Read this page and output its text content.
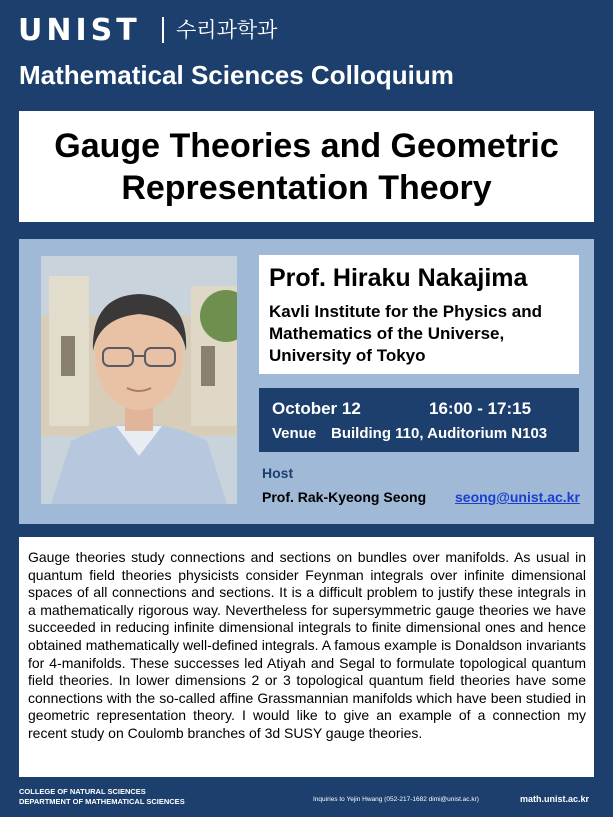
UNIST 수리과학과
Mathematical Sciences Colloquium
Gauge Theories and Geometric
Representation Theory
Prof. Hiraku Nakajima
Kavli Institute for the Physics and
Mathematics of the Universe,
University of Tokyo
October 12	16:00 - 17:15
Venue Building 110, Auditorium N103
Host
Prof. Rak-Kyeong Seong seong@unist.ac.kr

Gauge theories study connections and sections on bundles over manifolds. As usual in quantum field theories physicists consider Feynman integrals over infinite dimensional spaces of all connections and sections. It is a difficult problem to justify these integrals in a mathematically rigorous way. Nevertheless for supersymmetric gauge theories we have succeeded in reducing infinite dimensional integrals to finite dimensional ones and hence obtained mathematically well-defined integrals. A famous example is Donaldson invariants for 4-manifolds. These successes led Atiyah and Segal to formulate topological quantum field theories. In lower dimensions 2 or 3 topological quantum field theories have some connections with the so-called affine Grassmannian manifolds which have been studied in geometric representation theory. I would like to give an example of a connection my recent study on Coulomb branches of 3d SUSY gauge theories.

COLLEGE OF NATURAL SCIENCES
DEPARTMENT OF MATHEMATICAL SCIENCES	Inquiries to Yejin Hwang (052-217-1682 dimi@unist.ac.kr)	math.unist.ac.kr
